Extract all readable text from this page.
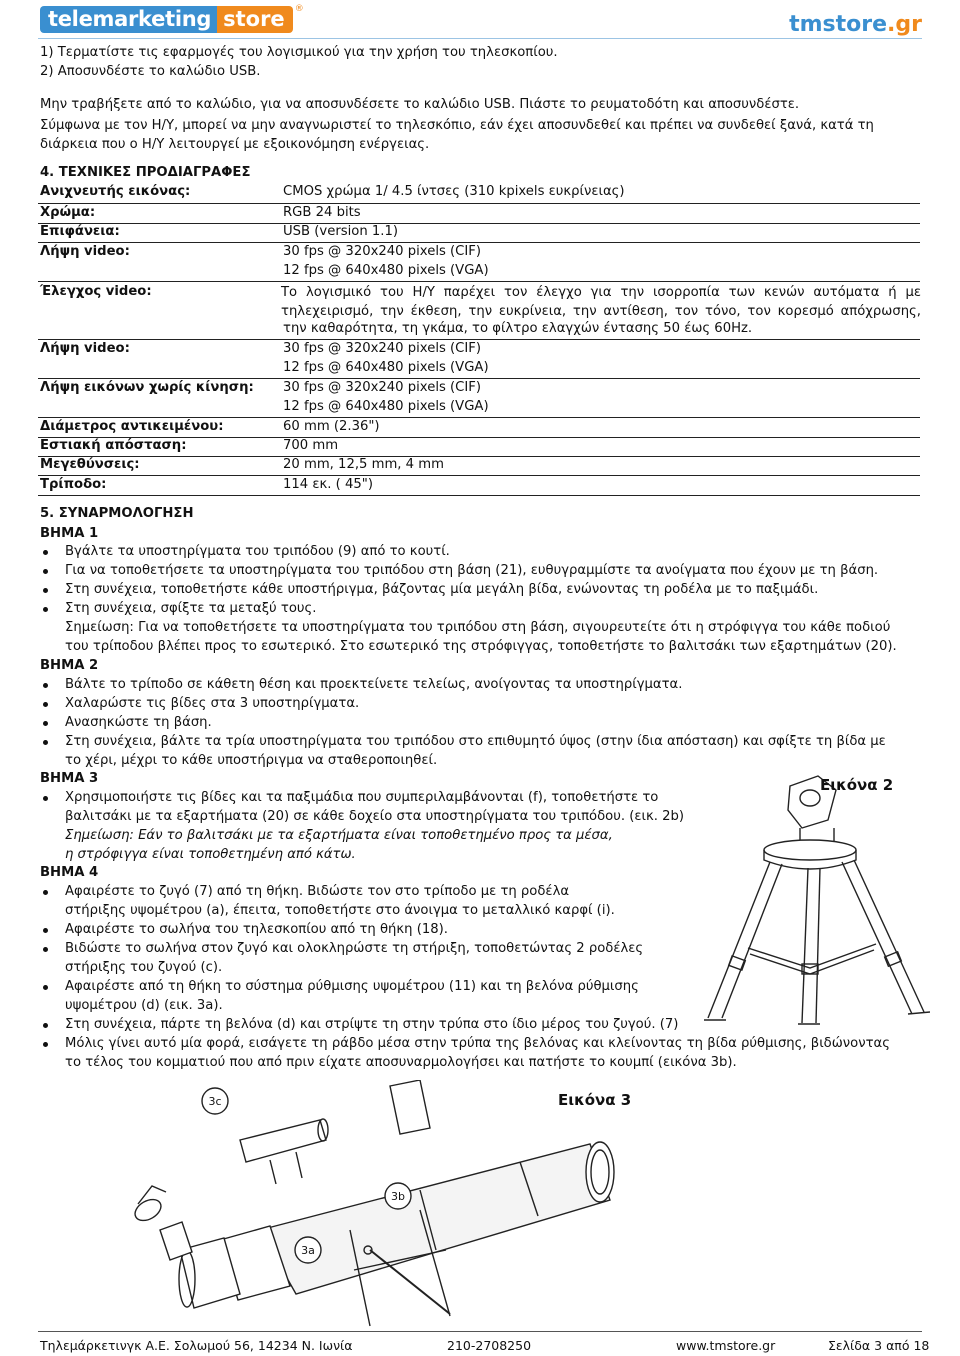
telemarketing store	®
tmstore.gr
1) Τερματίστε τις εφαρμογές του λογισμικού για την χρήση του τηλεσκοπίου.
2) Αποσυνδέστε το καλώδιο USB.
Μην τραβήξετε από το καλώδιο, για να αποσυνδέσετε το καλώδιο USB. Πιάστε το ρευματοδότη και αποσυνδέστε.
Σύμφωνα με τον Η/Υ, μπορεί να μην αναγνωριστεί το τηλεσκόπιο, εάν έχει αποσυνδεθεί και πρέπει να συνδεθεί ξανά, κατά τη
διάρκεια που ο Η/Υ λειτουργεί με εξοικονόμηση ενέργειας.
4. ΤΕΧΝΙΚΕΣ ΠΡΟΔΙΑΓΡΑΦΕΣ
Ανιχνευτής εικόνας:	CMOS χρώμα 1/ 4.5 ίντσες (310 kpixels ευκρίνειας)
Χρώμα:	RGB 24 bits
Επιφάνεια:	USB (version 1.1)
Λήψη video:	30 fps @ 320x240 pixels (CIF)
12 fps @ 640x480 pixels (VGA)
Έλεγχος video:	Το λογισμικό του Η/Υ παρέχει τον έλεγχο για την ισορροπία των κενών αυτόματα ή με
τηλεχειρισμό, την έκθεση, την ευκρίνεια, την αντίθεση, τον τόνο, τον κορεσμό απόχρωσης,
την καθαρότητα, τη γκάμα, το φίλτρο ελαγχών έντασης 50 έως 60Hz.
Λήψη video:	30 fps @ 320x240 pixels (CIF)
12 fps @ 640x480 pixels (VGA)
Λήψη εικόνων χωρίς κίνηση: 30 fps @ 320x240 pixels (CIF)
12 fps @ 640x480 pixels (VGA)
Διάμετρος αντικειμένου:	60 mm (2.36")
Εστιακή απόσταση:	700 mm
Μεγεθύνσεις:	20 mm, 12,5 mm, 4 mm
Τρίποδο:	114 εκ. ( 45")
5. ΣΥΝΑΡΜΟΛΟΓΗΣΗ
ΒΗΜΑ 1
Βγάλτε τα υποστηρίγματα του τριπόδου (9) από το κουτί.
Για να τοποθετήσετε τα υποστηρίγματα του τριπόδου στη βάση (21), ευθυγραμμίστε τα ανοίγματα που έχουν με τη βάση.
Στη συνέχεια, τοποθετήστε κάθε υποστήριγμα, βάζοντας μία μεγάλη βίδα, ενώνοντας τη ροδέλα με το παξιμάδι.
Στη συνέχεια, σφίξτε τα μεταξύ τους.
Σημείωση: Για να τοποθετήσετε τα υποστηρίγματα του τριπόδου στη βάση, σιγουρευτείτε ότι η στρόφιγγα του κάθε ποδιού
του τρίποδου βλέπει προς το εσωτερικό. Στο εσωτερικό της στρόφιγγας, τοποθετήστε το βαλιτσάκι των εξαρτημάτων (20).
ΒΗΜΑ 2
Βάλτε το τρίποδο σε κάθετη θέση και προεκτείνετε τελείως, ανοίγοντας τα υποστηρίγματα.
Χαλαρώστε τις βίδες στα 3 υποστηρίγματα.
Ανασηκώστε τη βάση.
Στη συνέχεια, βάλτε τα τρία υποστηρίγματα του τριπόδου στο επιθυμητό ύψος (στην ίδια απόσταση) και σφίξτε τη βίδα με
το χέρι, μέχρι το κάθε υποστήριγμα να σταθεροποιηθεί.
ΒΗΜΑ 3
Χρησιμοποιήστε τις βίδες και τα παξιμάδια που συμπεριλαμβάνονται (f), τοποθετήστε το
βαλιτσάκι με τα εξαρτήματα (20) σε κάθε δοχείο στα υποστηρίγματα του τριπόδου. (εικ. 2b)
Σημείωση: Εάν το βαλιτσάκι με τα εξαρτήματα είναι τοποθετημένο προς τα μέσα,
η στρόφιγγα είναι τοποθετημένη από κάτω.
ΒΗΜΑ 4
Αφαιρέστε το ζυγό (7) από τη θήκη. Βιδώστε τον στο τρίποδο με τη ροδέλα
στήριξης υψομέτρου (a), έπειτα, τοποθετήστε στο άνοιγμα το μεταλλικό καρφί (i).
Αφαιρέστε το σωλήνα του τηλεσκοπίου από τη θήκη (18).
Βιδώστε το σωλήνα στον ζυγό και ολοκληρώστε τη στήριξη, τοποθετώντας 2 ροδέλες
στήριξης του ζυγού (c).
Αφαιρέστε από τη θήκη το σύστημα ρύθμισης υψομέτρου (11) και τη βελόνα ρύθμισης
υψομέτρου (d) (εικ. 3a).
Στη συνέχεια, πάρτε τη βελόνα (d) και στρίψτε τη στην τρύπα στο ίδιο μέρος του ζυγού. (7)
Μόλις γίνει αυτό μία φορά, εισάγετε τη ράβδο μέσα στην τρύπα της βελόνας και κλείνοντας τη βίδα ρύθμισης, βιδώνοντας
το τέλος του κομματιού που από πριν είχατε αποσυναρμολογήσει και πατήστε το κουμπί (εικόνα 3b).
Εικόνα 2
3c
3b
3a
Εικόνα 3
Τηλεμάρκετινγκ Α.Ε. Σολωμού 56, 14234 Ν. Ιωνία	210-2708250	www.tmstore.gr	Σελίδα 3 από 18
